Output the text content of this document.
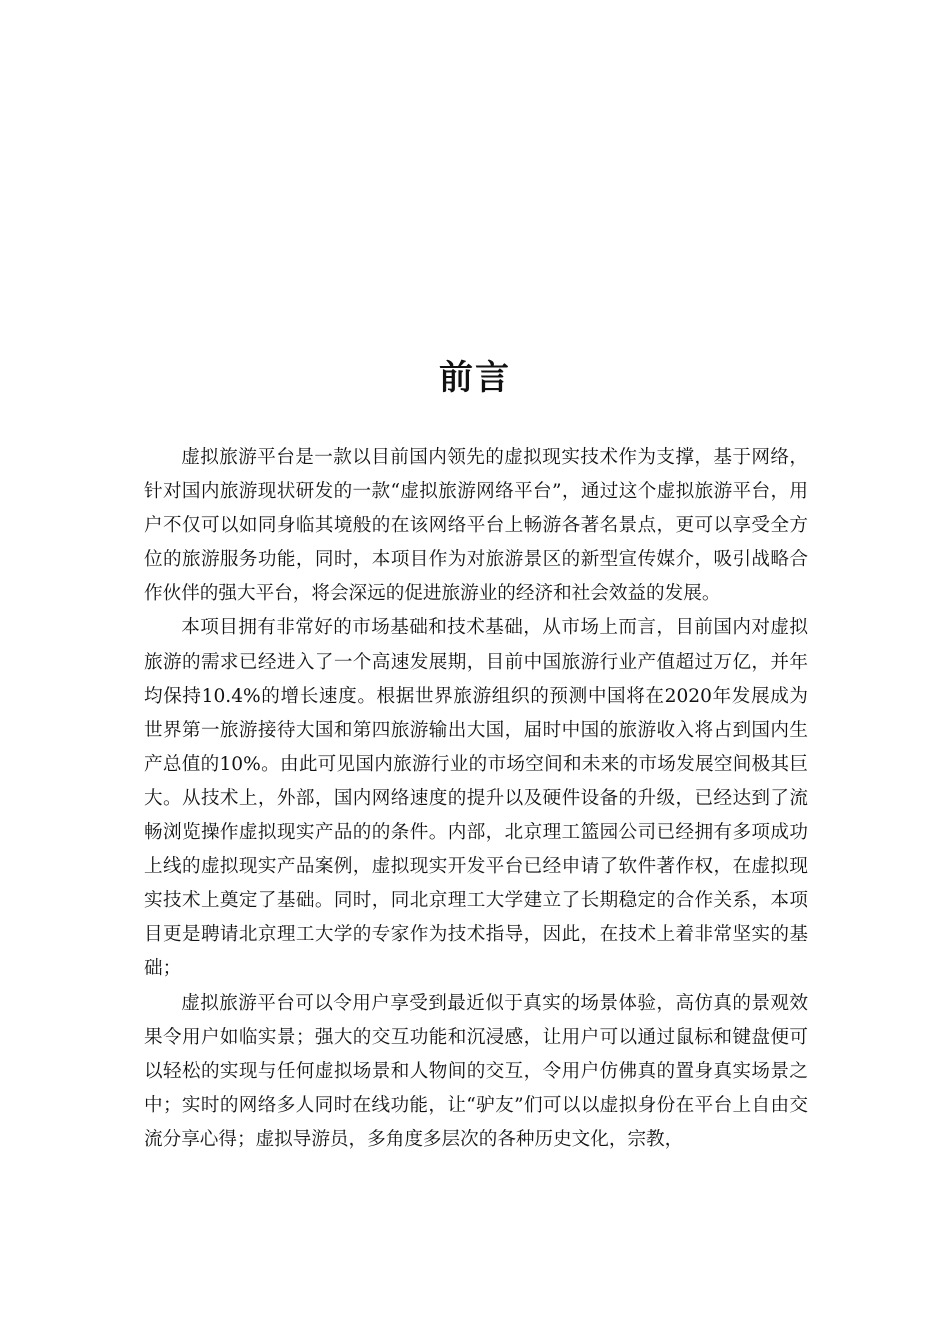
前言

虚拟旅游平台是一款以目前国内领先的虚拟现实技术作为支撑，基于网络，针对国内旅游现状研发的一款“虚拟旅游网络平台”，通过这个虚拟旅游平台，用户不仅可以如同身临其境般的在该网络平台上畅游各著名景点，更可以享受全方位的旅游服务功能，同时，本项目作为对旅游景区的新型宣传媒介，吸引战略合作伙伴的强大平台，将会深远的促进旅游业的经济和社会效益的发展。

本项目拥有非常好的市场基础和技术基础，从市场上而言，目前国内对虚拟旅游的需求已经进入了一个高速发展期，目前中国旅游行业产值超过万亿，并年均保持10.4%的增长速度。根据世界旅游组织的预测中国将在2020年发展成为世界第一旅游接待大国和第四旅游输出大国，届时中国的旅游收入将占到国内生产总值的10%。由此可见国内旅游行业的市场空间和未来的市场发展空间极其巨大。从技术上，外部，国内网络速度的提升以及硬件设备的升级，已经达到了流畅浏览操作虚拟现实产品的的条件。内部，北京理工篮园公司已经拥有多项成功上线的虚拟现实产品案例，虚拟现实开发平台已经申请了软件著作权，在虚拟现实技术上奠定了基础。同时，同北京理工大学建立了长期稳定的合作关系，本项目更是聘请北京理工大学的专家作为技术指导，因此，在技术上着非常坚实的基础；

虚拟旅游平台可以令用户享受到最近似于真实的场景体验，高仿真的景观效果令用户如临实景；强大的交互功能和沉浸感，让用户可以通过鼠标和键盘便可以轻松的实现与任何虚拟场景和人物间的交互，令用户仿佛真的置身真实场景之中；实时的网络多人同时在线功能，让“驴友”们可以以虚拟身份在平台上自由交流分享心得；虚拟导游员，多角度多层次的各种历史文化，宗教，
